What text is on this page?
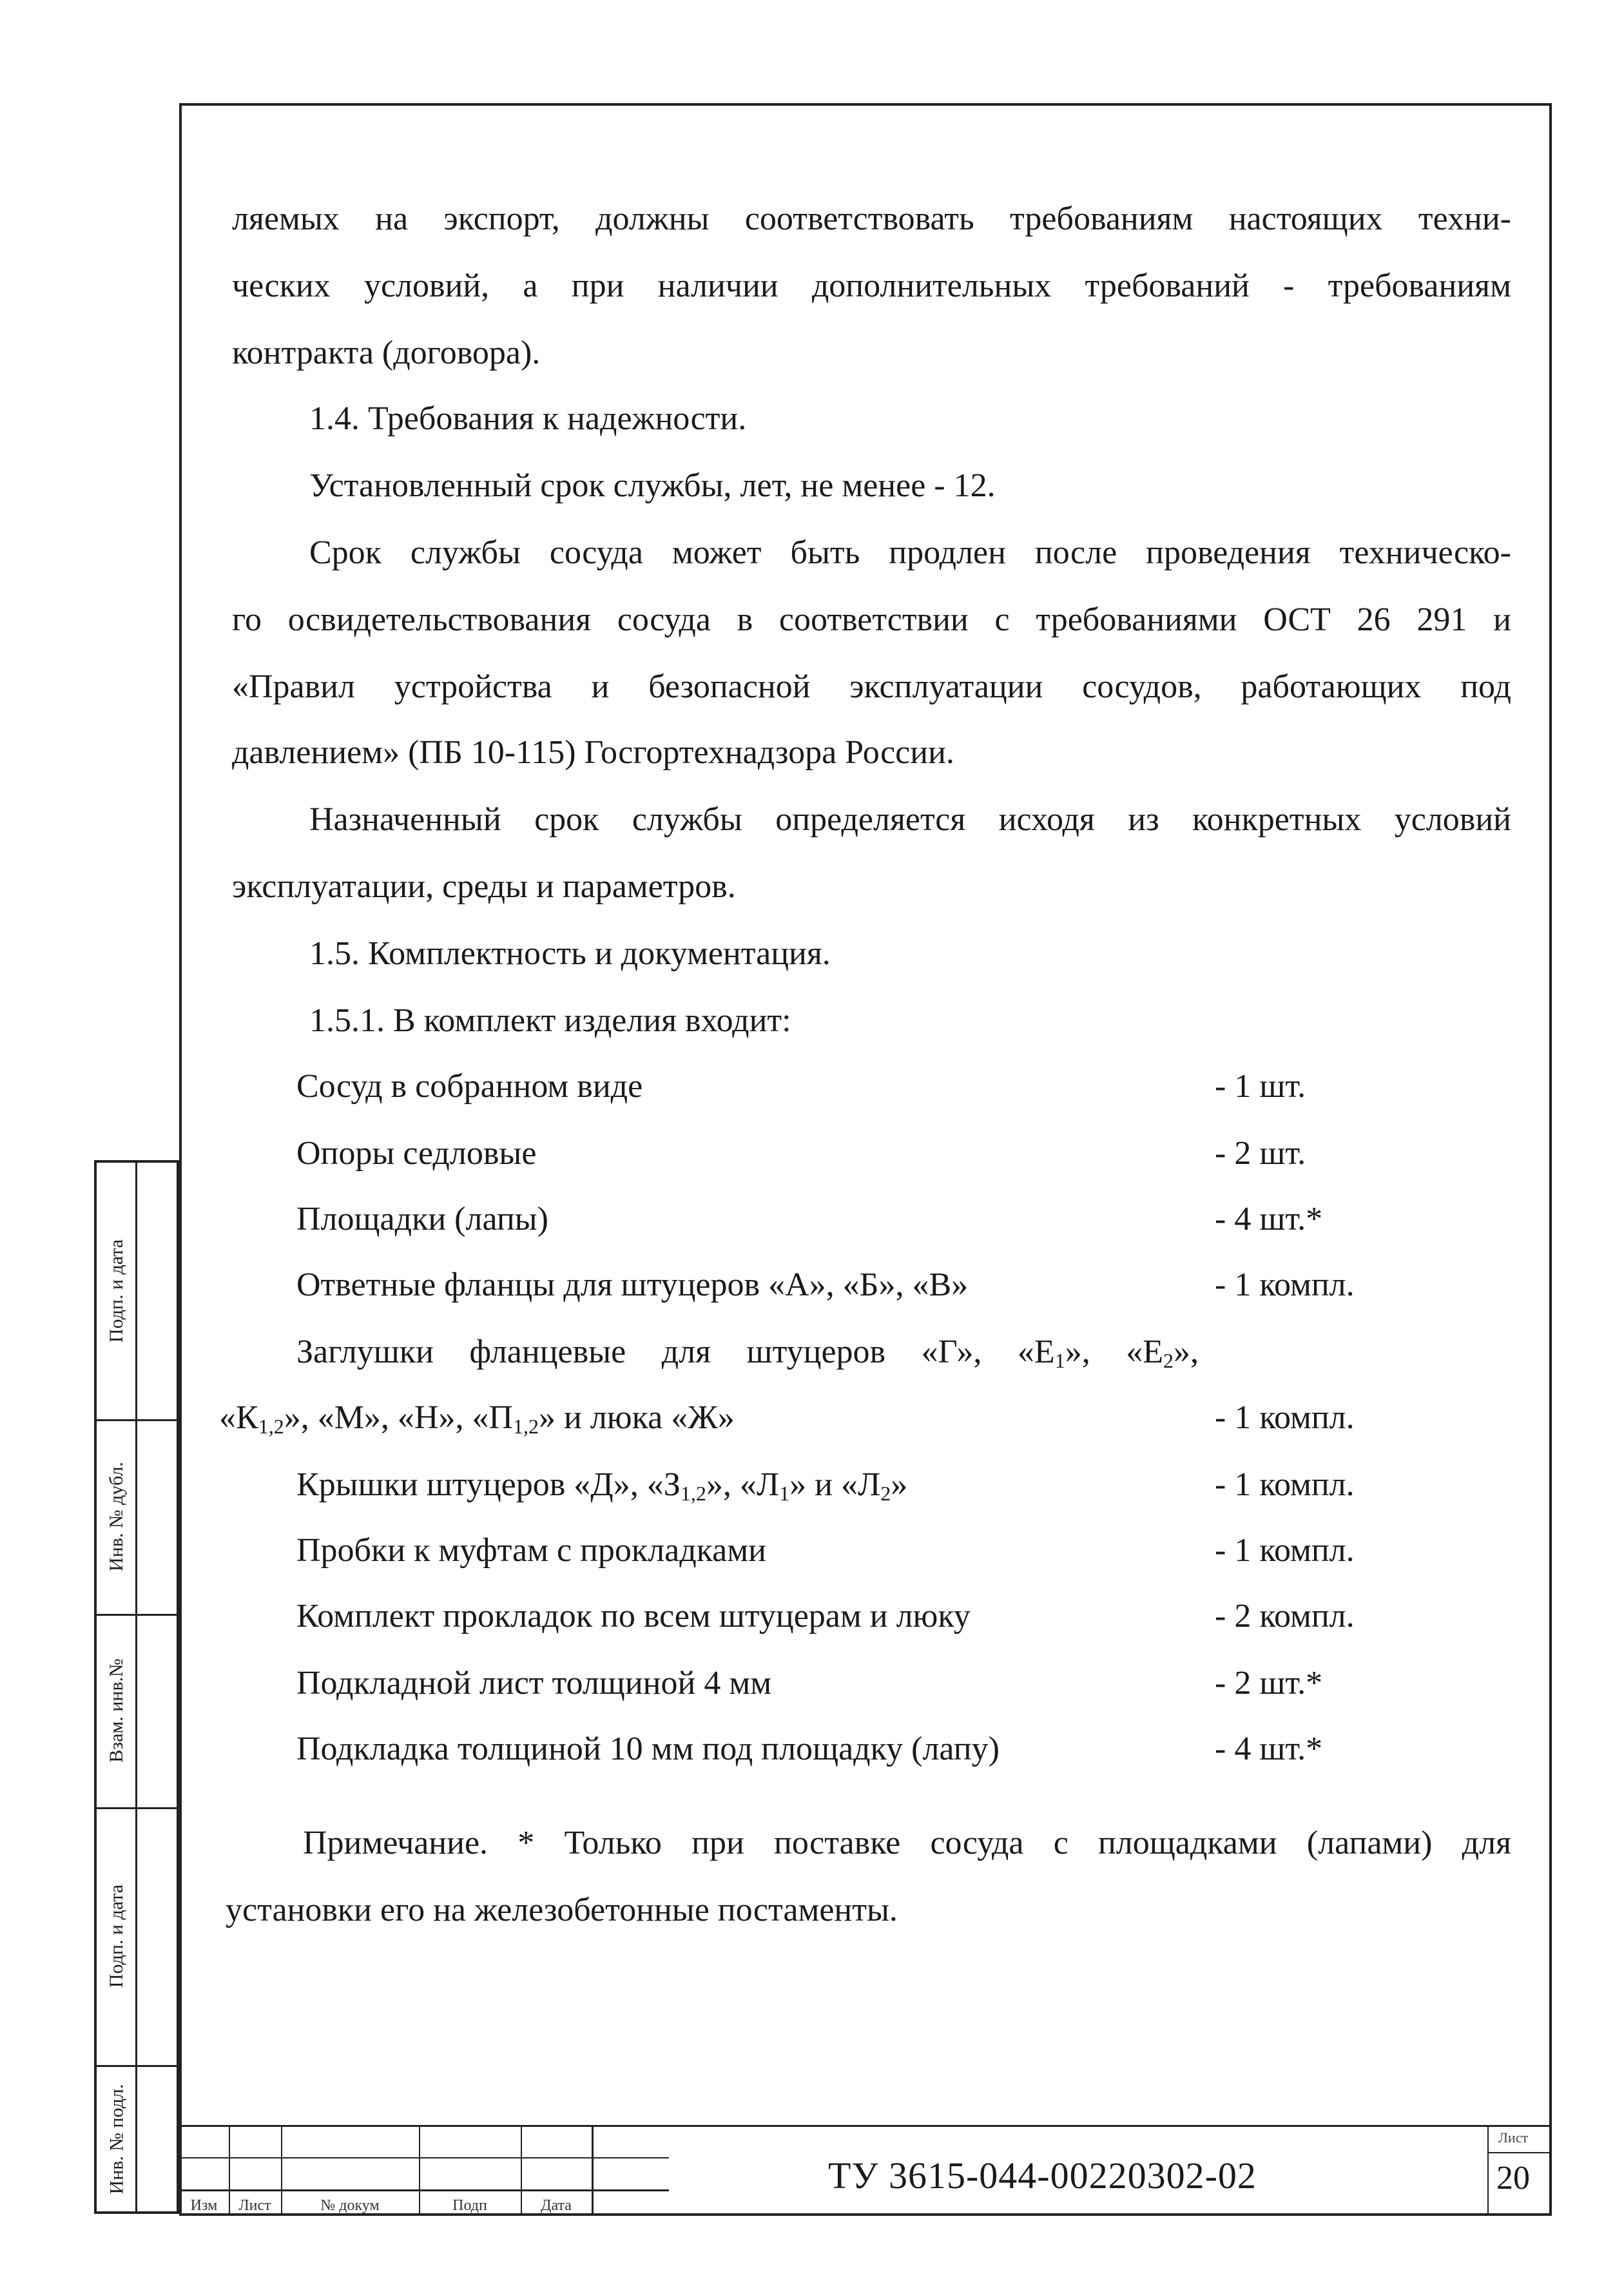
ляемых на экспорт, должны соответствовать требованиям настоящих техни-
ческих условий, а при наличии дополнительных требований - требованиям
контракта (договора).
1.4. Требования к надежности.
Установленный срок службы, лет, не менее - 12.
Срок службы сосуда может быть продлен после проведения техническо-
го освидетельствования сосуда в соответствии с требованиями ОСТ 26 291 и
«Правил устройства и безопасной эксплуатации сосудов, работающих под
давлением» (ПБ 10-115) Госгортехнадзора России.
Назначенный срок службы определяется исходя из конкретных условий
эксплуатации, среды и параметров.
1.5. Комплектность и документация.
1.5.1. В комплект изделия входит:
Сосуд в собранном виде	- 1 шт.
Опоры седловые	- 2 шт.
Площадки (лапы)	- 4 шт.*
Ответные фланцы для штуцеров «А», «Б», «В»	- 1 компл.
Заглушки фланцевые для штуцеров «Г», «$Е_1$», «$Е_2$»,
«$К_{1,2}$», «М», «Н», «$П_{1,2}$» и люка «Ж»	- 1 компл.
Крышки штуцеров «Д», «$З_{1,2}$», «$Л_1$» и «$Л_2$»	- 1 компл.
Пробки к муфтам с прокладками	- 1 компл.
Комплект прокладок по всем штуцерам и люку	- 2 компл.
Подкладной лист толщиной 4 мм	- 2 шт.*
Подкладка толщиной 10 мм под площадку (лапу)	- 4 шт.*
Примечание. * Только при поставке сосуда с площадками (лапами) для
установки его на железобетонные постаменты.
Подп. и дата
Инв. № дубл.
Взам. инв.№
Подп. и дата
Инв. № подл.
Изм	Лист	№ докум	Подп	Дата
ТУ 3615-044-00220302-02
Лист
20
